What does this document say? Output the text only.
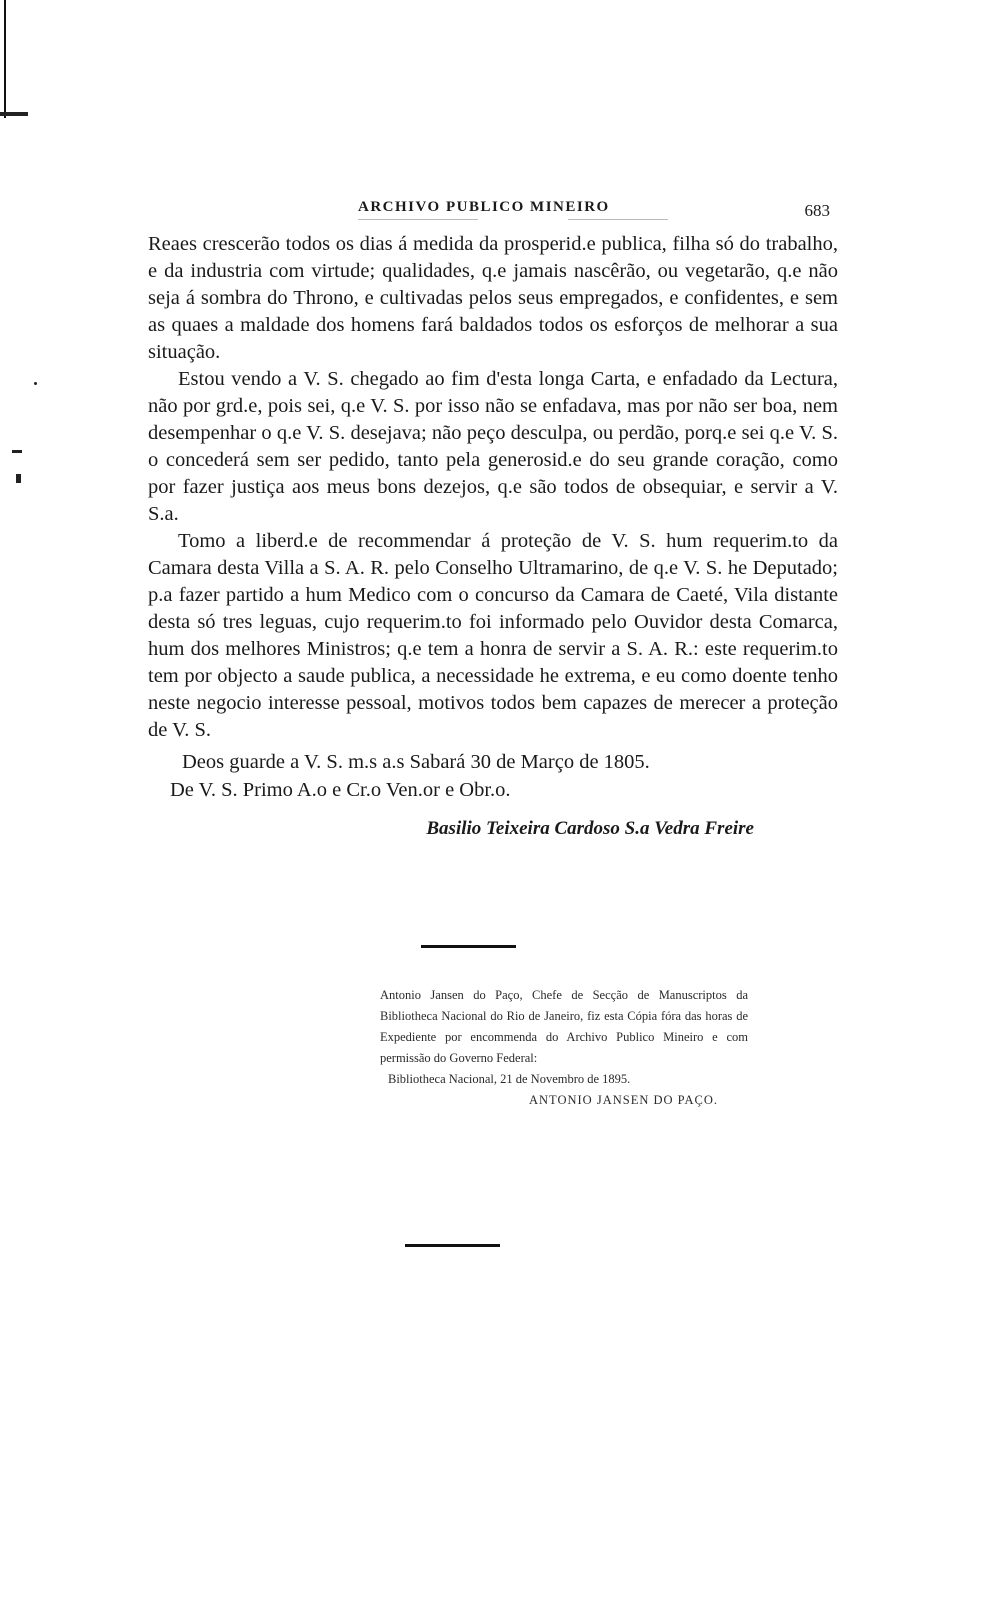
ARCHIVO PUBLICO MINEIRO	683

Reaes crescerão todos os dias á medida da prosperid.e publica, filha só do trabalho, e da industria com virtude; qualidades, q.e jamais nascêrão, ou vegetarão, q.e não seja á sombra do Throno, e cultivadas pelos seus empregados, e confidentes, e sem as quaes a maldade dos homens fará baldados todos os esforços de melhorar a sua situação.

Estou vendo a V. S. chegado ao fim d'esta longa Carta, e enfadado da Lectura, não por grd.e, pois sei, q.e V. S. por isso não se enfadava, mas por não ser boa, nem desempenhar o q.e V. S. desejava; não peço desculpa, ou perdão, porq.e sei q.e V. S. o concederá sem ser pedido, tanto pela generosid.e do seu grande coração, como por fazer justiça aos meus bons dezejos, q.e são todos de obsequiar, e servir a V. S.a.

Tomo a liberd.e de recommendar á proteção de V. S. hum requerim.to da Camara desta Villa a S. A. R. pelo Conselho Ultramarino, de q.e V. S. he Deputado; p.a fazer partido a hum Medico com o concurso da Camara de Caeté, Vila distante desta só tres leguas, cujo requerim.to foi informado pelo Ouvidor desta Comarca, hum dos melhores Ministros; q.e tem a honra de servir a S. A. R.: este requerim.to tem por objecto a saude publica, a necessidade he extrema, e eu como doente tenho neste negocio interesse pessoal, motivos todos bem capazes de merecer a proteção de V. S.

Deos guarde a V. S. m.s a.s Sabará 30 de Março de 1805.
De V. S. Primo A.o e Cr.o Ven.or e Obr.o.
Basilio Teixeira Cardoso S.a Vedra Freire

Antonio Jansen do Paço, Chefe de Secção de Manuscriptos da Bibliotheca Nacional do Rio de Janeiro, fiz esta Cópia fóra das horas de Expediente por encommenda do Archivo Publico Mineiro e com permissão do Governo Federal:

Bibliotheca Nacional, 21 de Novembro de 1895.

ANTONIO JANSEN DO PAÇO.
